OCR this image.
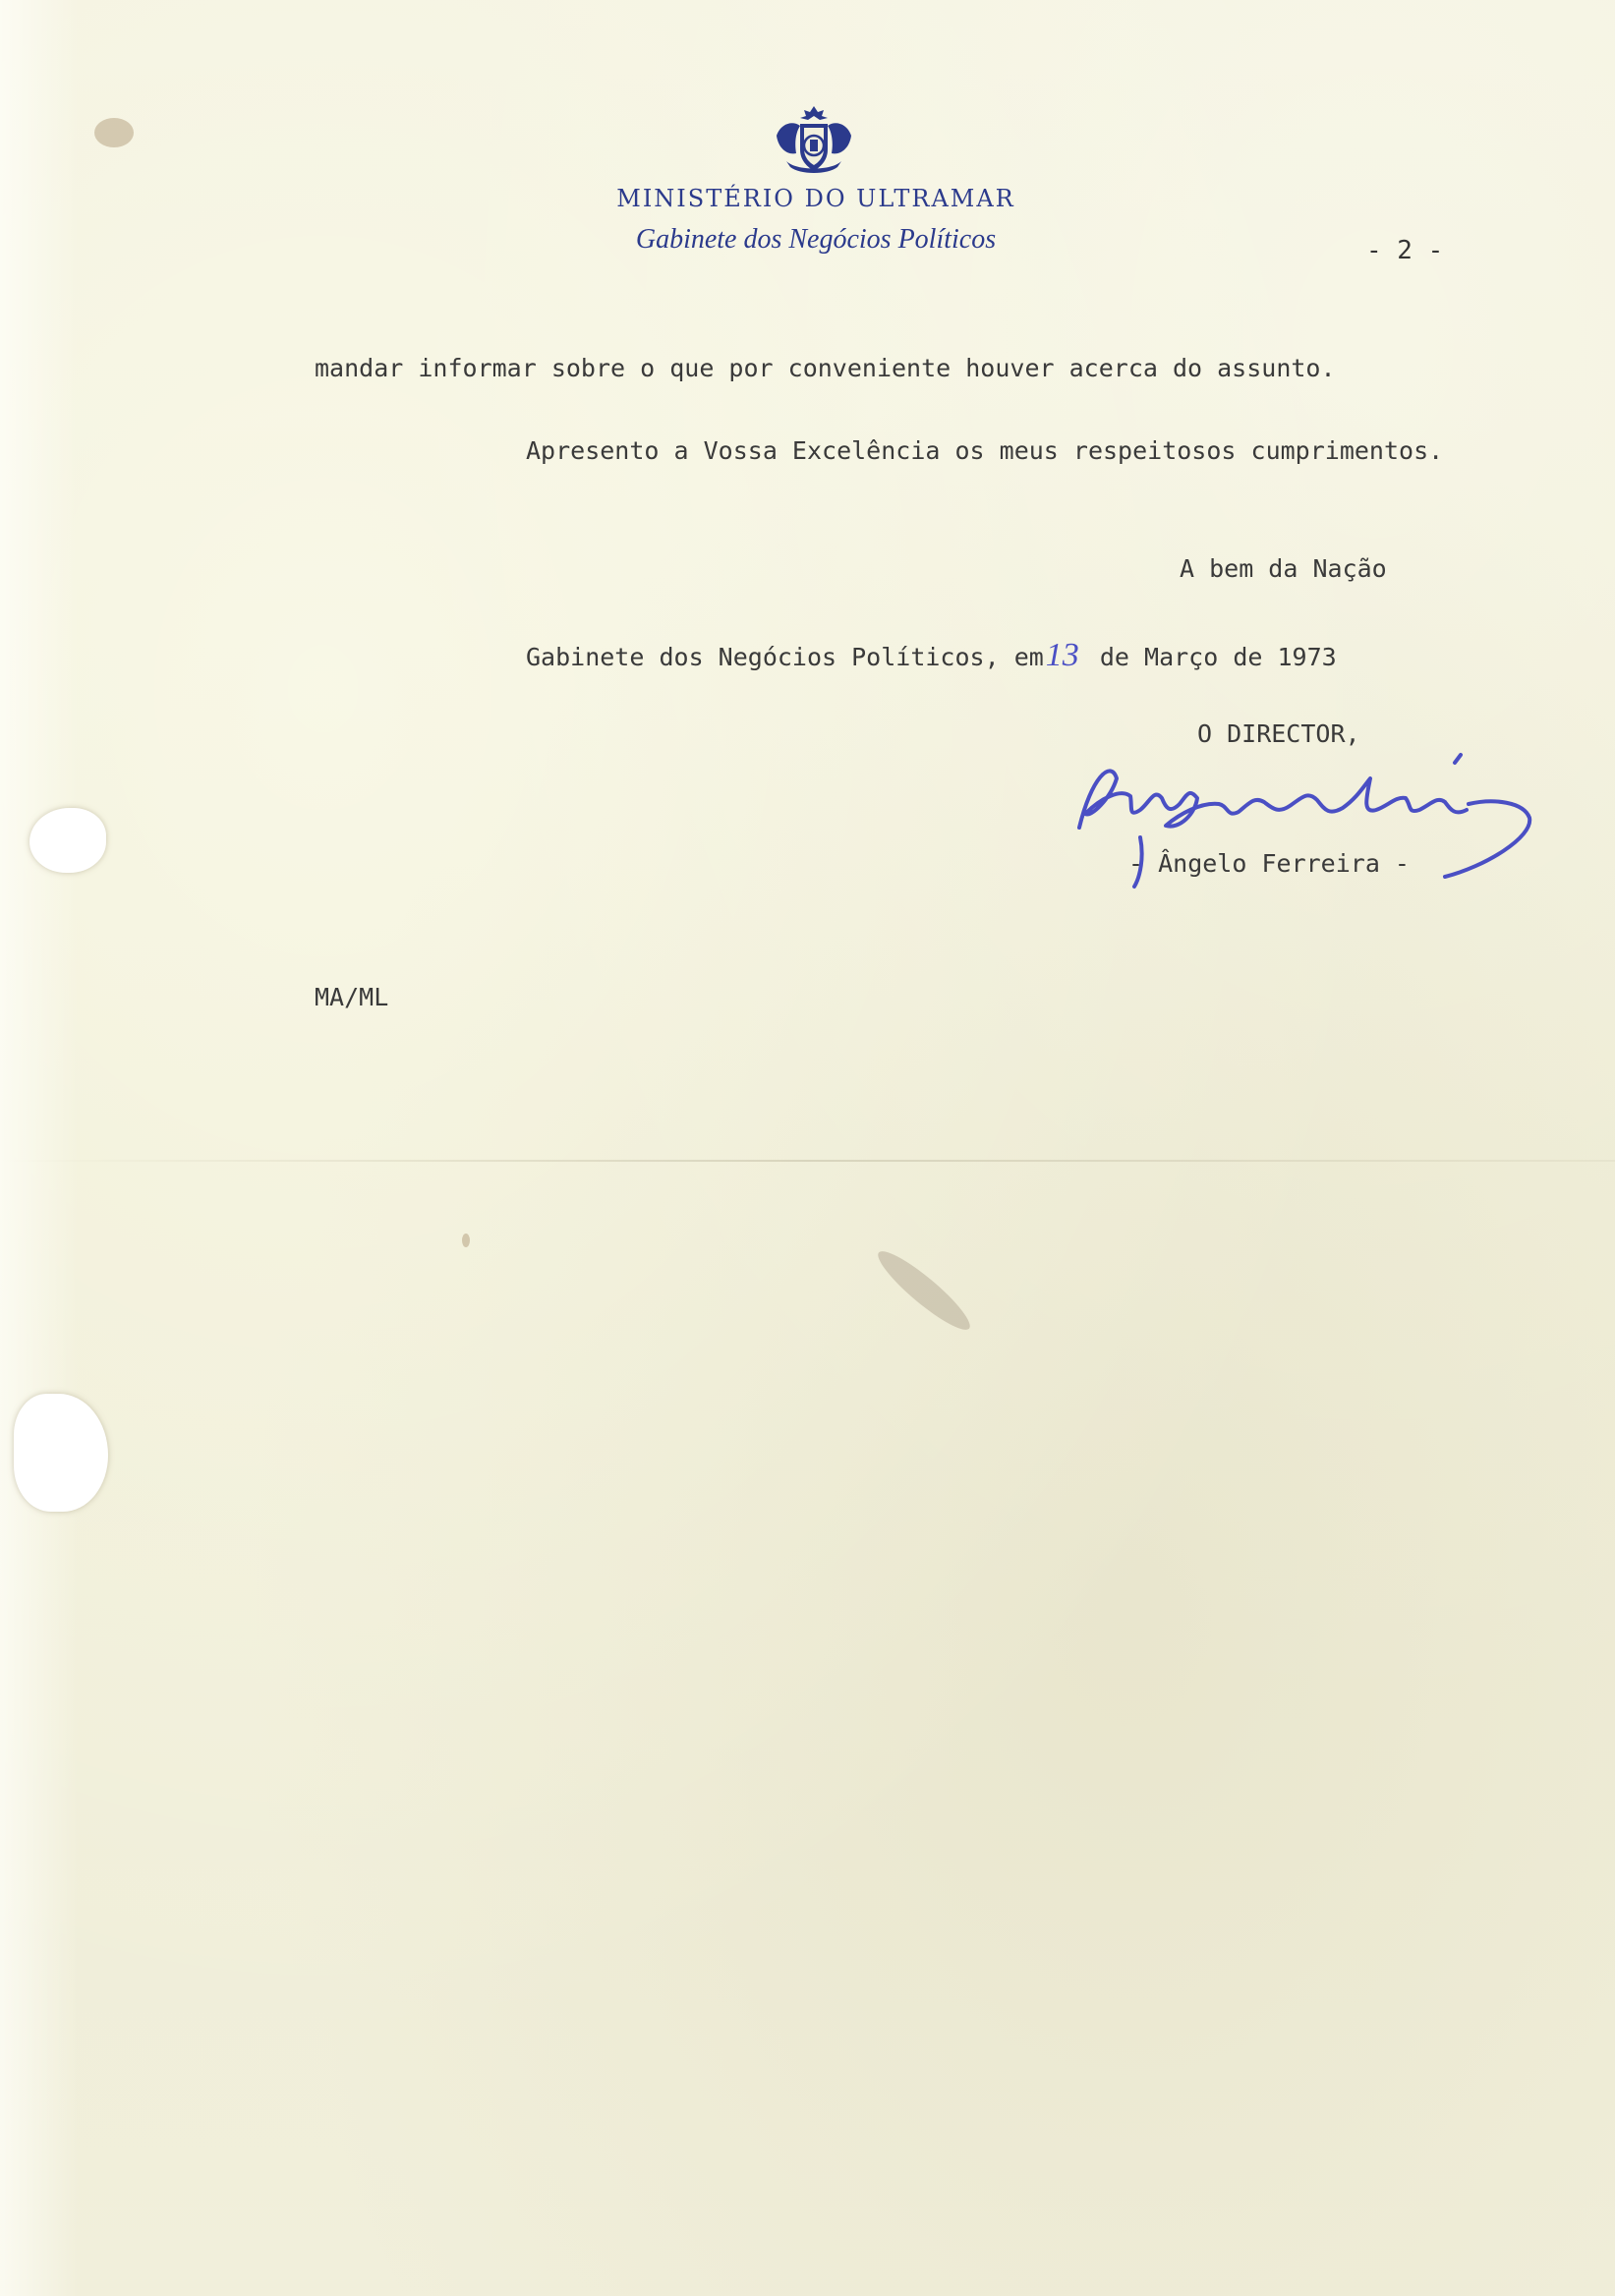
MINISTÉRIO DO ULTRAMAR
Gabinete dos Negócios Políticos	- 2 -
mandar informar sobre o que por conveniente houver acerca do assunto.
Apresento a Vossa Excelência os meus respeitosos cumprimentos.
A bem da Nação
Gabinete dos Negócios Políticos, em13 de Março de 1973
O DIRECTOR,
- Ângelo Ferreira -
MA/ML
